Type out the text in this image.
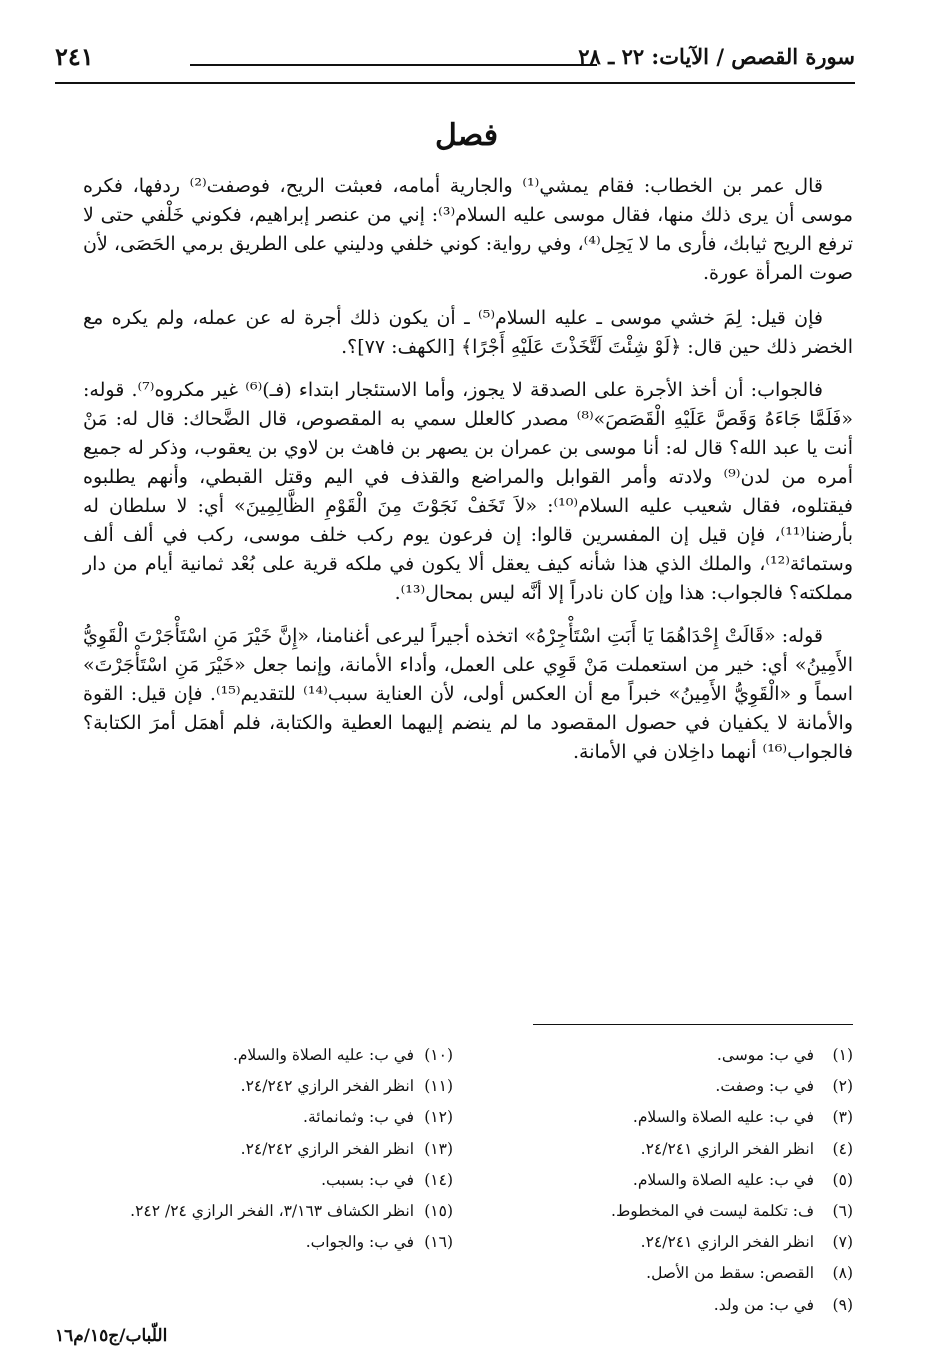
سورة القصص / الآيات: ٢٢ ـ ٢٨
٢٤١
فصل

قال عمر بن الخطاب: فقام يمشي⁽¹⁾ والجارية أمامه، فعبثت الريح، فوصفت⁽²⁾ ردفها، فكره موسى أن يرى ذلك منها، فقال موسى عليه السلام⁽³⁾: إني من عنصر إبراهيم، فكوني خَلْفي حتى لا ترفع الريح ثيابك، فأرى ما لا يَحِل⁽⁴⁾، وفي رواية: كوني خلفي ودليني على الطريق برمي الحَصَى، لأن صوت المرأة عورة.

فإن قيل: لِمَ خشي موسى ـ عليه السلام⁽⁵⁾ ـ أن يكون ذلك أجرة له عن عمله، ولم يكره مع الخضر ذلك حين قال: ﴿لَوْ شِئْتَ لَتَّخَذْتَ عَلَيْهِ أَجْرًا﴾ [الكهف: ٧٧]؟.

فالجواب: أن أخذ الأجرة على الصدقة لا يجوز، وأما الاستئجار ابتداء (فـ)⁽⁶⁾ غير مكروه⁽⁷⁾. قوله: «فَلَمَّا جَاءَهُ وَقَصَّ عَلَيْهِ الْقَصَصَ»⁽⁸⁾ مصدر كالعلل سمي به المقصوص، قال الضَّحاك: قال له: مَنْ أنت يا عبد الله؟ قال له: أنا موسى بن عمران بن يصهر بن فاهث بن لاوي بن يعقوب، وذكر له جميع أمره من لدن⁽⁹⁾ ولادته وأمر القوابل والمراضع والقذف في اليم وقتل القبطي، وأنهم يطلبوه فيقتلوه، فقال شعيب عليه السلام⁽¹⁰⁾: «لاَ تَخَفْ نَجَوْتَ مِنَ الْقَوْمِ الظَّالِمِينَ» أي: لا سلطان له بأرضنا⁽¹¹⁾، فإن قيل إن المفسرين قالوا: إن فرعون يوم ركب خلف موسى، ركب في ألف ألف وستمائة⁽¹²⁾، والملك الذي هذا شأنه كيف يعقل ألا يكون في ملكه قرية على بُعْد ثمانية أيام من دار مملكته؟ فالجواب: هذا وإن كان نادراً إلا أنَّه ليس بمحال⁽¹³⁾.

قوله: «قَالَتْ إِحْدَاهُمَا يَا أَبَتِ اسْتَأْجِرْهُ» اتخذه أجيراً ليرعى أغنامنا، «إِنَّ خَيْرَ مَنِ اسْتَأْجَرْتَ الْقَوِيُّ الأَمِينُ» أي: خير من استعملت مَنْ قَوِي على العمل، وأداء الأمانة، وإنما جعل «خَيْرَ مَنِ اسْتَأْجَرْتَ» اسماً و «الْقَوِيُّ الأَمِينُ» خبراً مع أن العكس أولى، لأن العناية سبب⁽¹⁴⁾ للتقديم⁽¹⁵⁾. فإن قيل: القوة والأمانة لا يكفيان في حصول المقصود ما لم ينضم إليهما العطية والكتابة، فلم أهمَل أمرَ الكتابة؟ فالجواب⁽¹⁶⁾ أنهما داخِلان في الأمانة.

(١) في ب: موسى.
(٢) في ب: وصفت.
(٣) في ب: عليه الصلاة والسلام.
(٤) انظر الفخر الرازي ٢٤/٢٤١.
(٥) في ب: عليه الصلاة والسلام.
(٦) ف: تكلمة ليست في المخطوط.
(٧) انظر الفخر الرازي ٢٤/٢٤١.
(٨) القصص: سقط من الأصل.
(٩) في ب: من ولد.
(١٠) في ب: عليه الصلاة والسلام.
(١١) انظر الفخر الرازي ٢٤/٢٤٢.
(١٢) في ب: وثمانمائة.
(١٣) انظر الفخر الرازي ٢٤/٢٤٢.
(١٤) في ب: بسبب.
(١٥) انظر الكشاف ٣/١٦٣، الفخر الرازي ٢٤/ ٢٤٢.
(١٦) في ب: والجواب.
اللّباب/ج١٥/م١٦
